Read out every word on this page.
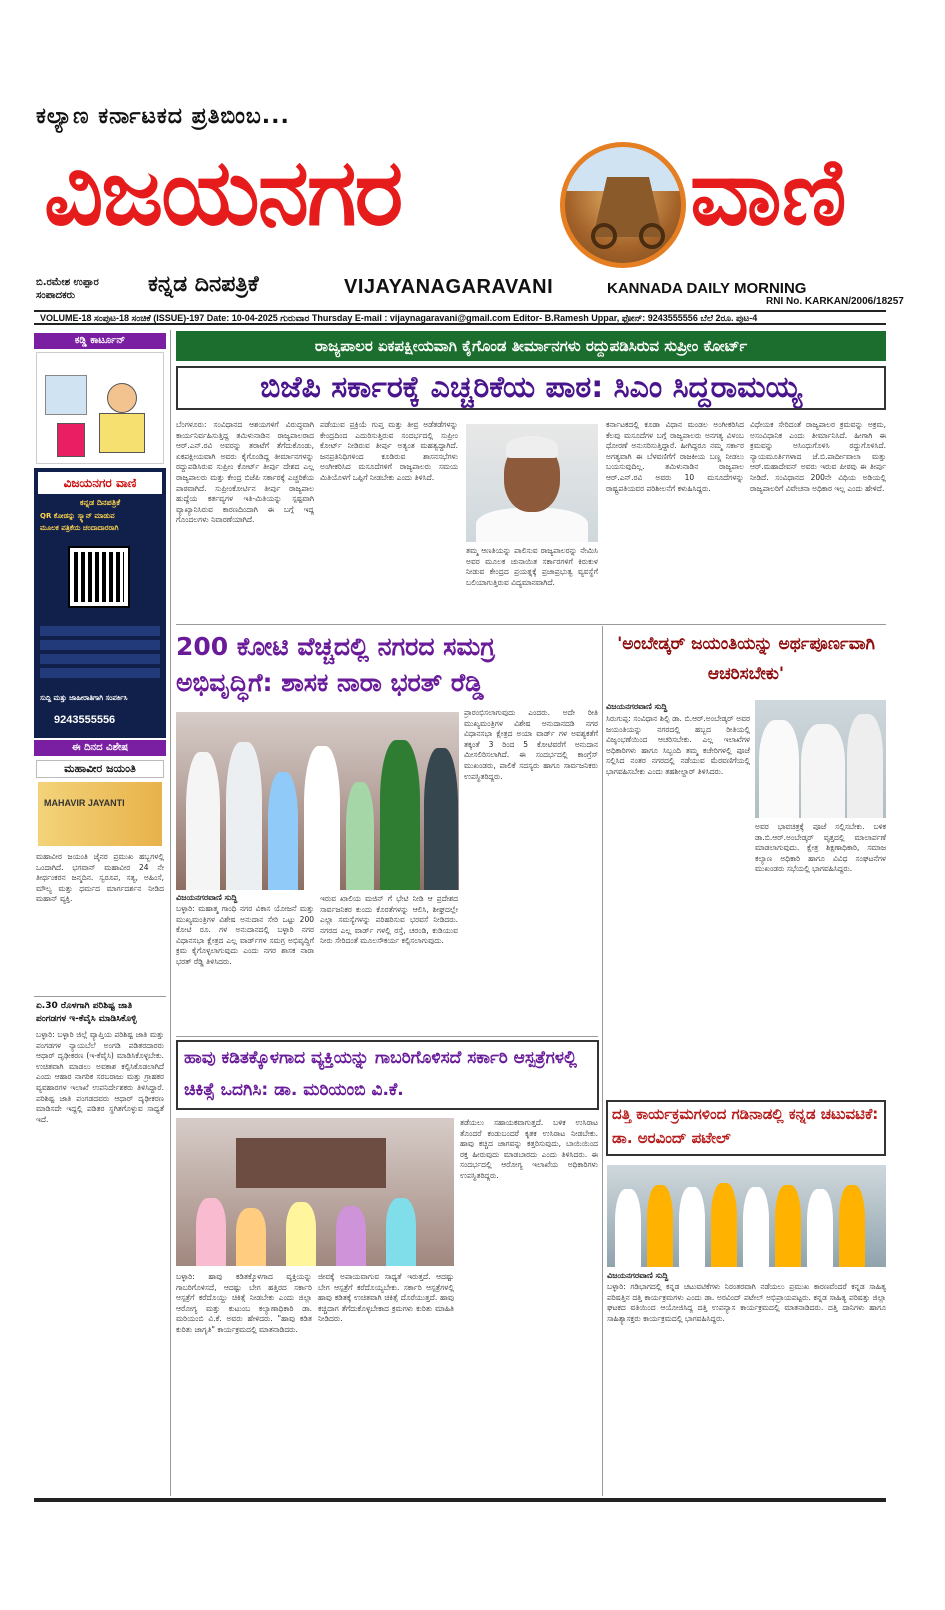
ಕಲ್ಯಾಣ ಕರ್ನಾಟಕದ ಪ್ರತಿಬಿಂಬ...
ವಿಜಯನಗರ	ವಾಣಿ
ಬಿ.ರಮೇಶ ಉಪ್ಪಾರ
ಸಂಪಾದಕರು	ಕನ್ನಡ ದಿನಪತ್ರಿಕೆ	VIJAYANAGARAVANI	KANNADA DAILY MORNING
RNI No. KARKAN/2006/18257
VOLUME-18 ಸಂಪುಟ-18 ಸಂಚಿಕೆ (ISSUE)-197 Date: 10-04-2025 ಗುರುವಾರ Thursday E-mail : vijaynagaravani@gmail.com Editor- B.Ramesh Uppar, ಫೋನ್: 9243555556 ಬೆಲೆ 2ರೂ. ಪುಟ-4
ಕಡ್ಡಿ ಕಾರ್ಟೂನ್
ವಿಜಯನಗರ ವಾಣಿ
ಕನ್ನಡ ದಿನಪತ್ರಿಕೆ
QR ಕೋಡನ್ನು ಸ್ಕ್ಯಾನ್ ಮಾಡುವ
ಮೂಲಕ ಪತ್ರಿಕೆಯ ಚಂದಾದಾರರಾಗಿ
ಸುದ್ದಿ ಮತ್ತು ಜಾಹೀರಾತಿಗಾಗಿ ಸಂಪರ್ಕಿಸಿ
9243555556
ಈ ದಿನದ ವಿಶೇಷ
ಮಹಾವೀರ ಜಯಂತಿ
MAHAVIR JAYANTI
ಮಹಾವೀರ ಜಯಂತಿ ಜೈನರ ಪ್ರಮುಖ ಹಬ್ಬಗಳಲ್ಲಿ ಒಂದಾಗಿದೆ. ಭಗವಾನ್ ಮಹಾವೀರ 24 ನೇ ತೀರ್ಥಂಕರನ ಜನ್ಮದಿನ. ಸ್ವರೂಪ, ಸತ್ಯ, ಅಹಿಂಸೆ, ಮೌಲ್ಯ ಮತ್ತು ಧರ್ಮದ ಮಾರ್ಗದರ್ಶನ ನೀಡಿದ ಮಹಾನ್ ವ್ಯಕ್ತಿ.
ಏ.30 ರೊಳಗಾಗಿ ಪರಿಶಿಷ್ಟ ಜಾತಿ ಪಂಗಡಗಳ ಇ-ಕೆವೈಸಿ ಮಾಡಿಸಿಕೊಳ್ಳಿ
ಬಳ್ಳಾರಿ: ಬಳ್ಳಾರಿ ಜಿಲ್ಲೆ ವ್ಯಾಪ್ತಿಯ ಪರಿಶಿಷ್ಟ ಜಾತಿ ಮತ್ತು ಪಂಗಡಗಳ ನ್ಯಾಯಬೆಲೆ ಅಂಗಡಿ ಪಡಿತರದಾರರು ಆಧಾರ್ ದೃಢೀಕರಣ (ಇ-ಕೆವೈಸಿ) ಮಾಡಿಸಿಕೊಳ್ಳಬೇಕು. ಉಚಿತವಾಗಿ ಮಾಡಲು ಅವಕಾಶ ಕಲ್ಪಿಸಿಕೊಡಲಾಗಿದೆ ಎಂದು ಆಹಾರ ನಾಗರಿಕ ಸರಬರಾಜು ಮತ್ತು ಗ್ರಾಹಕರ ವ್ಯವಹಾರಗಳ ಇಲಾಖೆ ಉಪನಿರ್ದೇಶಕರು ತಿಳಿಸಿದ್ದಾರೆ. ಪರಿಶಿಷ್ಟ ಜಾತಿ ಪಂಗಡದವರು ಆಧಾರ್ ದೃಢೀಕರಣ ಮಾಡಿಸದೇ ಇದ್ದಲ್ಲಿ ಪಡಿತರ ಸ್ಥಗಿತಗೊಳ್ಳುವ ಸಾಧ್ಯತೆ ಇದೆ.
ರಾಜ್ಯಪಾಲರ ಏಕಪಕ್ಷೀಯವಾಗಿ ಕೈಗೊಂಡ ತೀರ್ಮಾನಗಳು ರದ್ದುಪಡಿಸಿರುವ ಸುಪ್ರೀಂ ಕೋರ್ಟ್
ಬಿಜೆಪಿ ಸರ್ಕಾರಕ್ಕೆ ಎಚ್ಚರಿಕೆಯ ಪಾಠ: ಸಿಎಂ ಸಿದ್ದರಾಮಯ್ಯ
ಬೆಂಗಳೂರು: ಸಂವಿಧಾನದ ಆಶಯಗಳಿಗೆ ವಿರುದ್ಧವಾಗಿ ಕಾರ್ಯನಿರ್ವಹಿಸುತ್ತಿದ್ದ ತಮಿಳುನಾಡಿನ ರಾಜ್ಯಪಾಲರಾದ ಆರ್.ಎನ್.ರವಿ ಅವರನ್ನು ತರಾಟೆಗೆ ತೆಗೆದುಕೊಂಡು, ಏಕಪಕ್ಷೀಯವಾಗಿ ಅವರು ಕೈಗೊಂಡಿದ್ದ ತೀರ್ಮಾನಗಳನ್ನು ರದ್ದುಪಡಿಸಿರುವ ಸುಪ್ರೀಂ ಕೋರ್ಟ್ ತೀರ್ಪು ದೇಶದ ಎಲ್ಲ ರಾಜ್ಯಪಾಲರು ಮತ್ತು ಕೇಂದ್ರ ಬಿಜೆಪಿ ಸರ್ಕಾರಕ್ಕೆ ಎಚ್ಚರಿಕೆಯ ಪಾಠವಾಗಿದೆ. ಸುಪ್ರೀಂಕೋರ್ಟಿನ ತೀರ್ಪು ರಾಜ್ಯಪಾಲ ಹುದ್ದೆಯ ಕರ್ತವ್ಯಗಳ ಇತಿ-ಮಿತಿಯನ್ನು ಸ್ಪಷ್ಟವಾಗಿ ವ್ಯಾಖ್ಯಾನಿಸಿರುವ ಕಾರಣದಿಂದಾಗಿ ಈ ಬಗ್ಗೆ ಇದ್ದ ಗೊಂದಲಗಳು ನಿವಾರಣೆಯಾಗಿದೆ.
ಪಡೆಯುವ ಪ್ರಕ್ರಿಯೆ ಗುಪ್ತ ಮತ್ತು ತೀವ್ರ ಅಡೆತಡೆಗಳನ್ನು ಕೇಂದ್ರದಿಂದ ಎದುರಿಸುತ್ತಿರುವ ಸಂದರ್ಭದಲ್ಲಿ ಸುಪ್ರೀಂ ಕೋರ್ಟ್ ನೀಡಿರುವ ತೀರ್ಪು ಅತ್ಯಂತ ಮಹತ್ವದ್ದಾಗಿದೆ. ಜನಪ್ರತಿನಿಧಿಗಳಿಂದ ಕೂಡಿರುವ ಶಾಸನಸಭೆಗಳು ಅಂಗೀಕರಿಸಿದ ಮಸೂದೆಗಳಿಗೆ ರಾಜ್ಯಪಾಲರು ಸಮಯ ಮಿತಿಯೊಳಗೆ ಒಪ್ಪಿಗೆ ನೀಡಬೇಕು ಎಂದು ತಿಳಿಸಿದೆ.
ತಮ್ಮ ಆಣತಿಯನ್ನು ಪಾಲಿಸುವ ರಾಜ್ಯಪಾಲರನ್ನು ನೇಮಿಸಿ ಅವರ ಮೂಲಕ ಚುನಾಯಿತ ಸರ್ಕಾರಗಳಿಗೆ ಕಿರುಕುಳ ನೀಡುವ ಕೇಂದ್ರದ ಪ್ರಯತ್ನಕ್ಕೆ ಪ್ರಜಾಪ್ರಭುತ್ವ ವ್ಯವಸ್ಥೆಗೆ ಬಲಿಯಾಗುತ್ತಿರುವ ವಿದ್ಯಮಾನವಾಗಿದೆ.
ಕರ್ನಾಟಕದಲ್ಲಿ ಕೂಡಾ ವಿಧಾನ ಮಂಡಲ ಅಂಗೀಕರಿಸಿದ ಕೆಲವು ಮಸೂದೆಗಳ ಬಗ್ಗೆ ರಾಜ್ಯಪಾಲರು ಅನಗತ್ಯ ವಿಳಂಬ ಧೋರಣೆ ಅನುಸರಿಸುತ್ತಿದ್ದಾರೆ. ಹೀಗಿದ್ದರೂ ನಮ್ಮ ಸರ್ಕಾರ ಅಗತ್ಯವಾಗಿ ಈ ಬೆಳವಣಿಗೆಗೆ ರಾಜಕೀಯ ಬಣ್ಣ ನೀಡಲು ಬಯಸುವುದಿಲ್ಲ. ತಮಿಳುನಾಡಿನ ರಾಜ್ಯಪಾಲ ಆರ್.ಎನ್.ರವಿ ಅವರು 10 ಮಸೂದೆಗಳನ್ನು ರಾಷ್ಟ್ರಪತಿಯವರ ಪರಿಶೀಲನೆಗೆ ಕಳುಹಿಸಿದ್ದರು.
ವಿಧೇಯಕ ಸೇರಿದಂತೆ ರಾಜ್ಯಪಾಲರ ಕ್ರಮವನ್ನು ಅಕ್ರಮ, ಅಸಂವಿಧಾನಿಕ ಎಂದು ತೀರ್ಮಾನಿಸಿದೆ. ಹೀಗಾಗಿ ಈ ಕ್ರಮವನ್ನು ಅಸಿಂಧುಗೊಳಿಸಿ ರದ್ದುಗೊಳಿಸಿದೆ. ನ್ಯಾಯಮೂರ್ತಿಗಳಾದ ಜೆ.ಬಿ.ಪಾರ್ದೀವಾಲಾ ಮತ್ತು ಆರ್.ಮಹಾದೇವನ್ ಅವರು ಇರುವ ಪೀಠವು ಈ ತೀರ್ಪು ನೀಡಿದೆ. ಸಂವಿಧಾನದ 200ನೇ ವಿಧಿಯ ಅಡಿಯಲ್ಲಿ ರಾಜ್ಯಪಾಲರಿಗೆ ವಿವೇಚನಾ ಅಧಿಕಾರ ಇಲ್ಲ ಎಂದು ಹೇಳಿದೆ.
200 ಕೋಟಿ ವೆಚ್ಚದಲ್ಲಿ ನಗರದ ಸಮಗ್ರ ಅಭಿವೃದ್ಧಿಗೆ: ಶಾಸಕ ನಾರಾ ಭರತ್ ರೆಡ್ಡಿ
ವಿಜಯನಗರವಾಣಿ ಸುದ್ದಿ
ಬಳ್ಳಾರಿ: ಮಹಾತ್ಮ ಗಾಂಧಿ ನಗರ ವಿಕಾಸ ಯೋಜನೆ ಮತ್ತು ಮುಖ್ಯಮಂತ್ರಿಗಳ ವಿಶೇಷ ಅನುದಾನ ಸೇರಿ ಒಟ್ಟು 200 ಕೋಟಿ ರೂ. ಗಳ ಅನುದಾನದಲ್ಲಿ ಬಳ್ಳಾರಿ ನಗರ ವಿಧಾನಸಭಾ ಕ್ಷೇತ್ರದ ಎಲ್ಲ ವಾರ್ಡ್‌ಗಳ ಸಮಗ್ರ ಅಭಿವೃದ್ಧಿಗೆ ಕ್ರಮ ಕೈಗೊಳ್ಳಲಾಗುವುದು ಎಂದು ನಗರ ಶಾಸಕ ನಾರಾ ಭರತ್ ರೆಡ್ಡಿ ತಿಳಿಸಿದರು.
ಇರುವ ಖಾಲಿಯ ಮಜಿನ್ ಗೆ ಭೇಟಿ ನೀಡಿ ಆ ಪ್ರದೇಶದ ಸಾರ್ವಜನಿಕರ ಕುಂದು ಕೊರತೆಗಳನ್ನು ಆಲಿಸಿ, ಶೀಘ್ರದಲ್ಲೇ ಎಲ್ಲಾ ಸಮಸ್ಯೆಗಳನ್ನು ಪರಿಹರಿಸುವ ಭರವಸೆ ನೀಡಿದರು. ನಗರದ ಎಲ್ಲ ವಾರ್ಡ್ ಗಳಲ್ಲಿ ರಸ್ತೆ, ಚರಂಡಿ, ಕುಡಿಯುವ ನೀರು ಸೇರಿದಂತೆ ಮೂಲಸೌಕರ್ಯ ಕಲ್ಪಿಸಲಾಗುವುದು.
ಪ್ರಾರಂಭಿಸಲಾಗುವುದು ಎಂದರು. ಅದೇ ರೀತಿ ಮುಖ್ಯಮಂತ್ರಿಗಳ ವಿಶೇಷ ಅನುದಾನದಡಿ ನಗರ ವಿಧಾನಸಭಾ ಕ್ಷೇತ್ರದ ಅಯಾ ವಾರ್ಡ್ ಗಳ ಅವಶ್ಯಕತೆಗೆ ತಕ್ಕಂತೆ 3 ರಿಂದ 5 ಕೋಟಿವರೆಗೆ ಅನುದಾನ ಮೀಸಲಿರಿಸಲಾಗಿದೆ. ಈ ಸಂದರ್ಭದಲ್ಲಿ ಕಾಂಗ್ರೆಸ್ ಮುಖಂಡರು, ಪಾಲಿಕೆ ಸದಸ್ಯರು ಹಾಗೂ ಸಾರ್ವಜನಿಕರು ಉಪಸ್ಥಿತರಿದ್ದರು.
'ಅಂಬೇಡ್ಕರ್ ಜಯಂತಿಯನ್ನು ಅರ್ಥಪೂರ್ಣವಾಗಿ ಆಚರಿಸಬೇಕು'
ವಿಜಯನಗರವಾಣಿ ಸುದ್ದಿ
ಸಿರುಗುಪ್ಪ: ಸಂವಿಧಾನ ಶಿಲ್ಪಿ ಡಾ. ಬಿ.ಆರ್.ಅಂಬೇಡ್ಕರ್ ಅವರ ಜಯಂತಿಯನ್ನು ನಗರದಲ್ಲಿ ಹಬ್ಬದ ರೀತಿಯಲ್ಲಿ ವಿಜೃಂಭಣೆಯಿಂದ ಆಚರಿಸಬೇಕು. ಎಲ್ಲ ಇಲಾಖೆಗಳ ಅಧಿಕಾರಿಗಳು ಹಾಗೂ ಸಿಬ್ಬಂದಿ ತಮ್ಮ ಕಚೇರಿಗಳಲ್ಲಿ ಪೂಜೆ ಸಲ್ಲಿಸಿದ ನಂತರ ನಗರದಲ್ಲಿ ನಡೆಯುವ ಮೆರವಣಿಗೆಯಲ್ಲಿ ಭಾಗವಹಿಸಬೇಕು ಎಂದು ತಹಶೀಲ್ದಾರ್ ತಿಳಿಸಿದರು.
ಅವರ ಭಾವಚಿತ್ರಕ್ಕೆ ಪೂಜೆ ಸಲ್ಲಿಸಬೇಕು. ಬಳಿಕ ಡಾ.ಬಿ.ಆರ್.ಅಂಬೇಡ್ಕರ್ ವೃತ್ತದಲ್ಲಿ ಮಾಲಾರ್ಪಣೆ ಮಾಡಲಾಗುವುದು. ಕ್ಷೇತ್ರ ಶಿಕ್ಷಣಾಧಿಕಾರಿ, ಸಮಾಜ ಕಲ್ಯಾಣ ಅಧಿಕಾರಿ ಹಾಗೂ ವಿವಿಧ ಸಂಘಟನೆಗಳ ಮುಖಂಡರು ಸಭೆಯಲ್ಲಿ ಭಾಗವಹಿಸಿದ್ದರು.
ಹಾವು ಕಡಿತಕ್ಕೊಳಗಾದ ವ್ಯಕ್ತಿಯನ್ನು ಗಾಬರಿಗೊಳಿಸದೆ ಸರ್ಕಾರಿ ಆಸ್ಪತ್ರೆಗಳಲ್ಲಿ ಚಿಕಿತ್ಸೆ ಒದಗಿಸಿ: ಡಾ. ಮರಿಯಂಬಿ ವಿ.ಕೆ.
ಬಳ್ಳಾರಿ: ಹಾವು ಕಡಿತಕ್ಕೊಳಗಾದ ವ್ಯಕ್ತಿಯನ್ನು ಗಾಬರಿಗೊಳಿಸದೆ, ಆದಷ್ಟು ಬೇಗ ಹತ್ತಿರದ ಸರ್ಕಾರಿ ಆಸ್ಪತ್ರೆಗೆ ಕರೆದೊಯ್ದು ಚಿಕಿತ್ಸೆ ನೀಡಬೇಕು ಎಂದು ಜಿಲ್ಲಾ ಆರೋಗ್ಯ ಮತ್ತು ಕುಟುಂಬ ಕಲ್ಯಾಣಾಧಿಕಾರಿ ಡಾ. ಮರಿಯಂಬಿ ವಿ.ಕೆ. ಅವರು ಹೇಳಿದರು. "ಹಾವು ಕಡಿತ ಕುರಿತು ಜಾಗೃತಿ" ಕಾರ್ಯಕ್ರಮದಲ್ಲಿ ಮಾತನಾಡಿದರು.
ಜೀವಕ್ಕೆ ಅಪಾಯವಾಗುವ ಸಾಧ್ಯತೆ ಇರುತ್ತದೆ. ಆದಷ್ಟು ಬೇಗ ಆಸ್ಪತ್ರೆಗೆ ಕರೆದೊಯ್ಯಬೇಕು. ಸರ್ಕಾರಿ ಆಸ್ಪತ್ರೆಗಳಲ್ಲಿ ಹಾವು ಕಡಿತಕ್ಕೆ ಉಚಿತವಾಗಿ ಚಿಕಿತ್ಸೆ ದೊರೆಯುತ್ತದೆ. ಹಾವು ಕಚ್ಚಿದಾಗ ತೆಗೆದುಕೊಳ್ಳಬೇಕಾದ ಕ್ರಮಗಳು ಕುರಿತು ಮಾಹಿತಿ ನೀಡಿದರು.
ತಡೆಯಲು ಸಹಾಯಕವಾಗುತ್ತದೆ. ಬಳಿಕ ಉಸಿರಾಟ ತೊಂದರೆ ಕಂಡುಬಂದರೆ ಕೃತಕ ಉಸಿರಾಟ ನೀಡಬೇಕು. ಹಾವು ಕಚ್ಚಿದ ಜಾಗವನ್ನು ಕತ್ತರಿಸುವುದು, ಬಾಯಿಯಿಂದ ರಕ್ತ ಹೀರುವುದು ಮಾಡಬಾರದು ಎಂದು ತಿಳಿಸಿದರು. ಈ ಸಂದರ್ಭದಲ್ಲಿ ಆರೋಗ್ಯ ಇಲಾಖೆಯ ಅಧಿಕಾರಿಗಳು ಉಪಸ್ಥಿತರಿದ್ದರು.
ದತ್ತಿ ಕಾರ್ಯಕ್ರಮಗಳಿಂದ ಗಡಿನಾಡಲ್ಲಿ ಕನ್ನಡ ಚಟುವಟಿಕೆ: ಡಾ. ಅರವಿಂದ್ ಪಟೇಲ್
ವಿಜಯನಗರವಾಣಿ ಸುದ್ದಿ
ಬಳ್ಳಾರಿ: ಗಡಿಭಾಗದಲ್ಲಿ ಕನ್ನಡ ಚಟುವಟಿಕೆಗಳು ನಿರಂತರವಾಗಿ ನಡೆಯಲು ಪ್ರಮುಖ ಕಾರಣವೆಂದರೆ ಕನ್ನಡ ಸಾಹಿತ್ಯ ಪರಿಷತ್ತಿನ ದತ್ತಿ ಕಾರ್ಯಕ್ರಮಗಳು ಎಂದು ಡಾ. ಅರವಿಂದ್ ಪಟೇಲ್ ಅಭಿಪ್ರಾಯಪಟ್ಟರು. ಕನ್ನಡ ಸಾಹಿತ್ಯ ಪರಿಷತ್ತು ಜಿಲ್ಲಾ ಘಟಕದ ವತಿಯಿಂದ ಆಯೋಜಿಸಿದ್ದ ದತ್ತಿ ಉಪನ್ಯಾಸ ಕಾರ್ಯಕ್ರಮದಲ್ಲಿ ಮಾತನಾಡಿದರು. ದತ್ತಿ ದಾನಿಗಳು ಹಾಗೂ ಸಾಹಿತ್ಯಾಸಕ್ತರು ಕಾರ್ಯಕ್ರಮದಲ್ಲಿ ಭಾಗವಹಿಸಿದ್ದರು.
